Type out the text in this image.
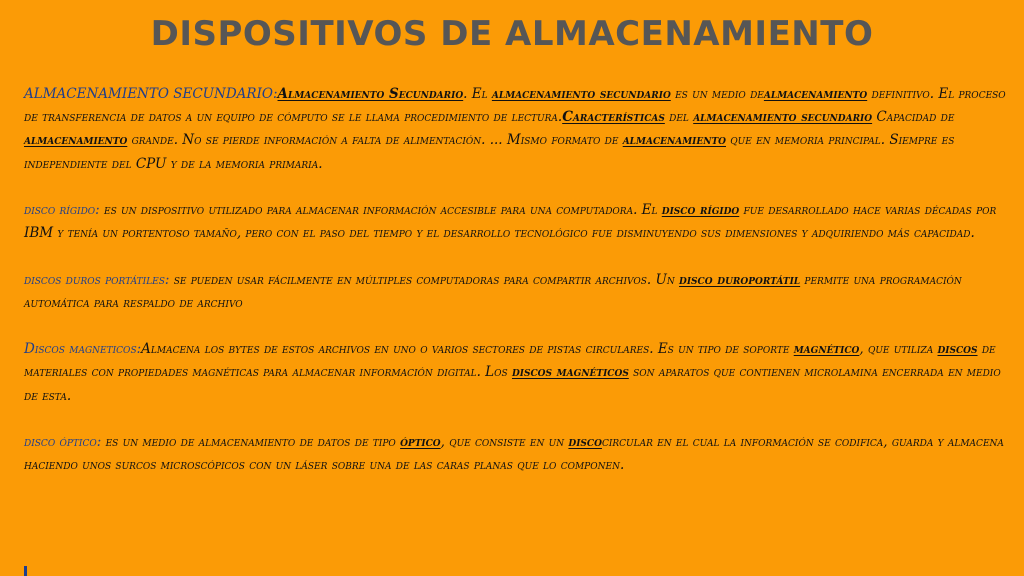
DISPOSITIVOS DE ALMACENAMIENTO

ALMACENAMIENTO SECUNDARIO:Almacenamiento Secundario. El almacenamiento secundario es un medio dealmacenamiento definitivo. El proceso de transferencia de datos a un equipo de cómputo se le llama procedimiento de lectura.Características del almacenamiento secundario Capacidad de almacenamiento grande. No se pierde información a falta de alimentación. ... Mismo formato de almacenamiento que en memoria principal. Siempre es independiente del CPU y de la memoria primaria.

disco rígido: es un dispositivo utilizado para almacenar información accesible para una computadora. El disco rígido fue desarrollado hace varias décadas por IBM y tenía un portentoso tamaño, pero con el paso del tiempo y el desarrollo tecnológico fue disminuyendo sus dimensiones y adquiriendo más capacidad.

discos duros portátiles: se pueden usar fácilmente en múltiples computadoras para compartir archivos. Un disco duroportátil permite una programación automática para respaldo de archivo

Discos magneticos:Almacena los bytes de estos archivos en uno o varios sectores de pistas circulares. Es un tipo de soporte magnético, que utiliza discos de materiales con propiedades magnéticas para almacenar información digital. Los discos magnéticos son aparatos que contienen microlamina encerrada en medio de esta.

disco óptico: es un medio de almacenamiento de datos de tipo óptico, que consiste en un discocircular en el cual la información se codifica, guarda y almacena haciendo unos surcos microscópicos con un láser sobre una de las caras planas que lo componen.
